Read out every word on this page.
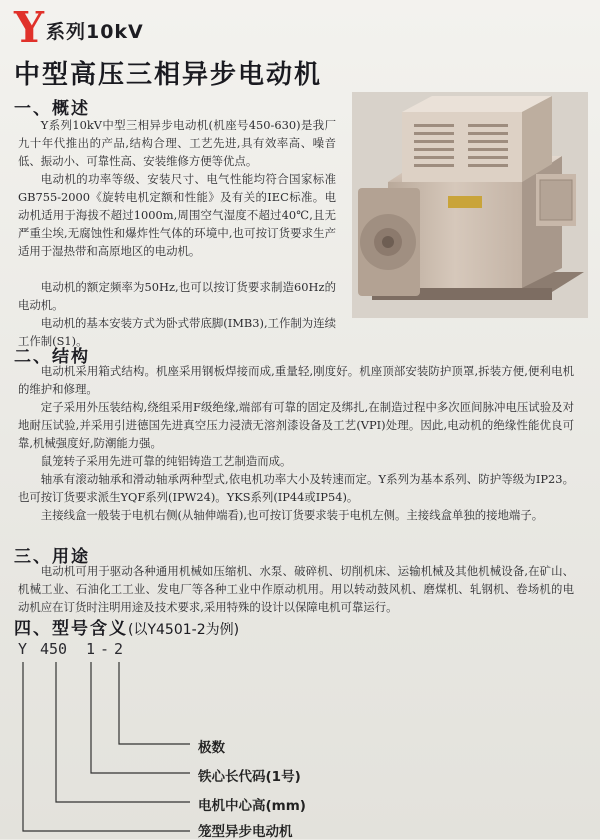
Y 系列10kV
中型高压三相异步电动机
一、概述
Y系列10kV中型三相异步电动机(机座号450-630)是我厂九十年代推出的产品,结构合理、工艺先进,具有效率高、噪音低、振动小、可靠性高、安装维修方便等优点。
电动机的功率等级、安装尺寸、电气性能均符合国家标准GB755-2000《旋转电机定额和性能》及有关的IEC标准。电动机适用于海拔不超过1000m,周围空气湿度不超过40℃,且无严重尘埃,无腐蚀性和爆炸性气体的环境中,也可按订货要求生产适用于湿热带和高原地区的电动机。
电动机的额定频率为50Hz,也可以按订货要求制造60Hz的电动机。
电动机的基本安装方式为卧式带底脚(IMB3),工作制为连续工作制(S1)。
二、结构
电动机采用箱式结构。机座采用钢板焊接而成,重量轻,刚度好。机座顶部安装防护顶罩,拆装方便,便利电机的维护和修理。
定子采用外压装结构,绕组采用F级绝缘,端部有可靠的固定及绑扎,在制造过程中多次匝间脉冲电压试验及对地耐压试验,并采用引进德国先进真空压力浸渍无溶剂漆设备及工艺(VPI)处理。因此,电动机的绝缘性能优良可靠,机械强度好,防潮能力强。
鼠笼转子采用先进可靠的纯铝铸造工艺制造而成。
轴承有滚动轴承和滑动轴承两种型式,依电机功率大小及转速而定。Y系列为基本系列、防护等级为IP23。也可按订货要求派生YQF系列(IPW24)。YKS系列(IP44或IP54)。
主接线盒一般装于电机右侧(从轴伸端看),也可按订货要求装于电机左侧。主接线盒单独的接地端子。
三、用途
电动机可用于驱动各种通用机械如压缩机、水泵、破碎机、切削机床、运输机械及其他机械设备,在矿山、机械工业、石油化工工业、发电厂等各种工业中作原动机用。用以转动鼓风机、磨煤机、轧钢机、卷场机的电动机应在订货时注明用途及技术要求,采用特殊的设计以保障电机可靠运行。
四、型号含义(以Y4501-2为例)
Y 450 1 - 2
极数
铁心长代码(1号)
电机中心高(mm)
笼型异步电动机
